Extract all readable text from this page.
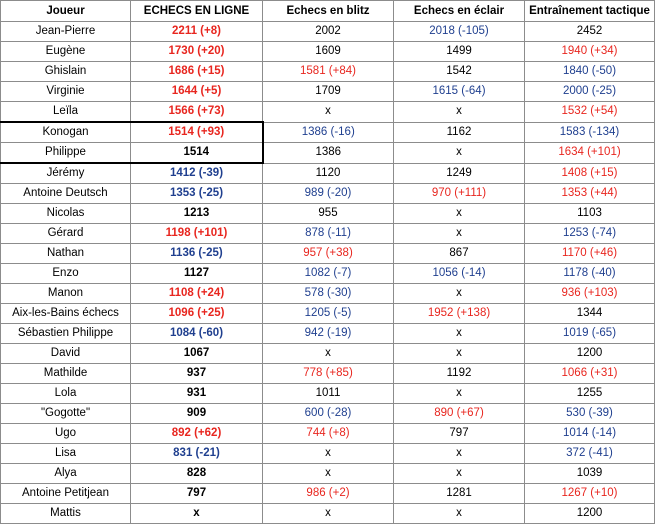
Joueur	ECHECS EN LIGNE	Echecs en blitz	Echecs en éclair	Entraînement tactique
Jean-Pierre	2211 (+8)	2002	2018 (-105)	2452
Eugène	1730 (+20)	1609	1499	1940 (+34)
Ghislain	1686 (+15)	1581 (+84)	1542	1840 (-50)
Virginie	1644 (+5)	1709	1615 (-64)	2000 (-25)
Leïla	1566 (+73)	x	x	1532 (+54)
Konogan	1514 (+93)	1386 (-16)	1162	1583 (-134)
Philippe	1514	1386	x	1634 (+101)
Jérémy	1412 (-39)	1120	1249	1408 (+15)
Antoine Deutsch	1353 (-25)	989 (-20)	970 (+111)	1353 (+44)
Nicolas	1213	955	x	1103
Gérard	1198 (+101)	878 (-11)	x	1253 (-74)
Nathan	1136 (-25)	957 (+38)	867	1170 (+46)
Enzo	1127	1082 (-7)	1056 (-14)	1178 (-40)
Manon	1108 (+24)	578 (-30)	x	936 (+103)
Aix-les-Bains échecs	1096 (+25)	1205 (-5)	1952 (+138)	1344
Sébastien Philippe	1084 (-60)	942 (-19)	x	1019 (-65)
David	1067	x	x	1200
Mathilde	937	778 (+85)	1192	1066 (+31)
Lola	931	1011	x	1255
"Gogotte"	909	600 (-28)	890 (+67)	530 (-39)
Ugo	892 (+62)	744 (+8)	797	1014 (-14)
Lisa	831 (-21)	x	x	372 (-41)
Alya	828	x	x	1039
Antoine Petitjean	797	986 (+2)	1281	1267 (+10)
Mattis	x	x	x	1200
